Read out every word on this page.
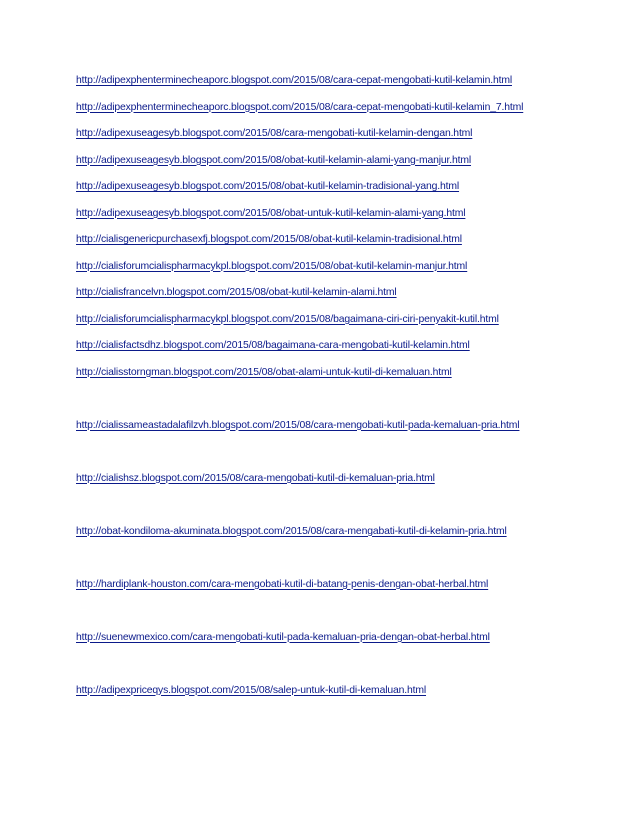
http://adipexphenterminecheaporc.blogspot.com/2015/08/cara-cepat-mengobati-kutil-kelamin.html
http://adipexphenterminecheaporc.blogspot.com/2015/08/cara-cepat-mengobati-kutil-kelamin_7.html
http://adipexuseagesyb.blogspot.com/2015/08/cara-mengobati-kutil-kelamin-dengan.html
http://adipexuseagesyb.blogspot.com/2015/08/obat-kutil-kelamin-alami-yang-manjur.html
http://adipexuseagesyb.blogspot.com/2015/08/obat-kutil-kelamin-tradisional-yang.html
http://adipexuseagesyb.blogspot.com/2015/08/obat-untuk-kutil-kelamin-alami-yang.html
http://cialisgenericpurchasexfj.blogspot.com/2015/08/obat-kutil-kelamin-tradisional.html
http://cialisforumcialispharmacykpl.blogspot.com/2015/08/obat-kutil-kelamin-manjur.html
http://cialisfrancelvn.blogspot.com/2015/08/obat-kutil-kelamin-alami.html
http://cialisforumcialispharmacykpl.blogspot.com/2015/08/bagaimana-ciri-ciri-penyakit-kutil.html
http://cialisfactsdhz.blogspot.com/2015/08/bagaimana-cara-mengobati-kutil-kelamin.html
http://cialisstorngman.blogspot.com/2015/08/obat-alami-untuk-kutil-di-kemaluan.html
http://cialissameastadalafilzvh.blogspot.com/2015/08/cara-mengobati-kutil-pada-kemaluan-pria.html
http://cialishsz.blogspot.com/2015/08/cara-mengobati-kutil-di-kemaluan-pria.html
http://obat-kondiloma-akuminata.blogspot.com/2015/08/cara-mengabati-kutil-di-kelamin-pria.html
http://hardiplank-houston.com/cara-mengobati-kutil-di-batang-penis-dengan-obat-herbal.html
http://suenewmexico.com/cara-mengobati-kutil-pada-kemaluan-pria-dengan-obat-herbal.html
http://adipexpriceqys.blogspot.com/2015/08/salep-untuk-kutil-di-kemaluan.html
